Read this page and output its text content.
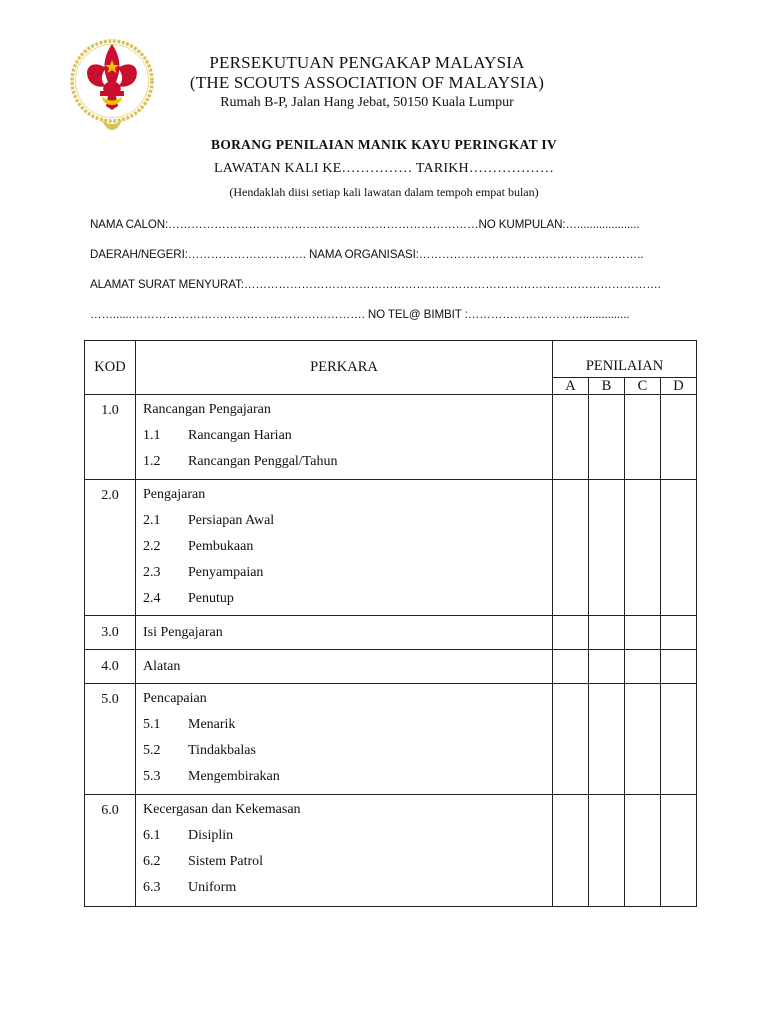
PERSEKUTUAN PENGAKAP MALAYSIA
(THE SCOUTS ASSOCIATION OF MALAYSIA)
Rumah B-P, Jalan Hang Jebat, 50150 Kuala Lumpur
BORANG PENILAIAN MANIK KAYU PERINGKAT IV
LAWATAN KALI KE…………… TARIKH………………
(Hendaklah diisi setiap kali lawatan dalam tempoh empat bulan)
NAMA CALON:………………………………………………………………………NO KUMPULAN:…....................
DAERAH/NEGERI:…………………………. NAMA ORGANISASI:…………………………………………………..
ALAMAT SURAT MENYURAT:……………………………………………………………………………………………….
……......……………………………………………………. NO TEL@ BIMBIT :…………………………...............
KOD	PERKARA	PENILAIAN			
		A	B	C	D
1.0	Rancangan Pengajaran
1.1 Rancangan Harian
1.2 Rancangan Penggal/Tahun				

2.0	Pengajaran
2.1 Persiapan Awal
2.2 Pembukaan
2.3 Penyampaian
2.4 Penutup				

3.0	Isi Pengajaran				

4.0	Alatan				

5.0	Pencapaian
5.1 Menarik
5.2 Tindakbalas
5.3 Mengembirakan				

6.0	Kecergasan dan Kekemasan
6.1 Disiplin
6.2 Sistem Patrol
6.3 Uniform				
